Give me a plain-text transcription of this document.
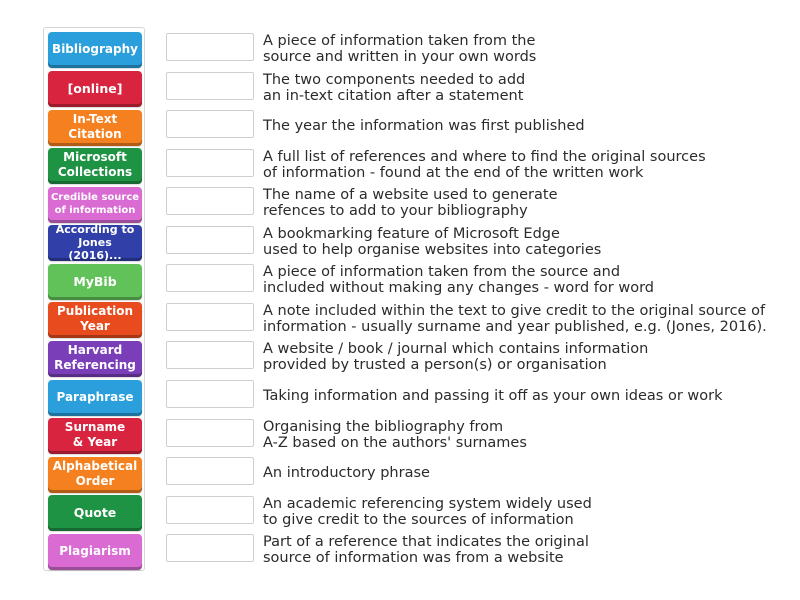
Bibliography
[online]
In-Text
Citation
Microsoft
Collections
Credible source
of information
According to
Jones (2016)...
MyBib
Publication
Year
Harvard
Referencing
Paraphrase
Surname
& Year
Alphabetical
Order
Quote
Plagiarism
A piece of information taken from the
source and written in your own words
The two components needed to add
an in-text citation after a statement
The year the information was first published
A full list of references and where to find the original sources
of information - found at the end of the written work
The name of a website used to generate
refences to add to your bibliography
A bookmarking feature of Microsoft Edge
used to help organise websites into categories
A piece of information taken from the source and
included without making any changes - word for word
A note included within the text to give credit to the original source of
information - usually surname and year published, e.g. (Jones, 2016).
A website / book / journal which contains information
provided by trusted a person(s) or organisation
Taking information and passing it off as your own ideas or work
Organising the bibliography from
A-Z based on the authors' surnames
An introductory phrase
An academic referencing system widely used
to give credit to the sources of information
Part of a reference that indicates the original
source of information was from a website
